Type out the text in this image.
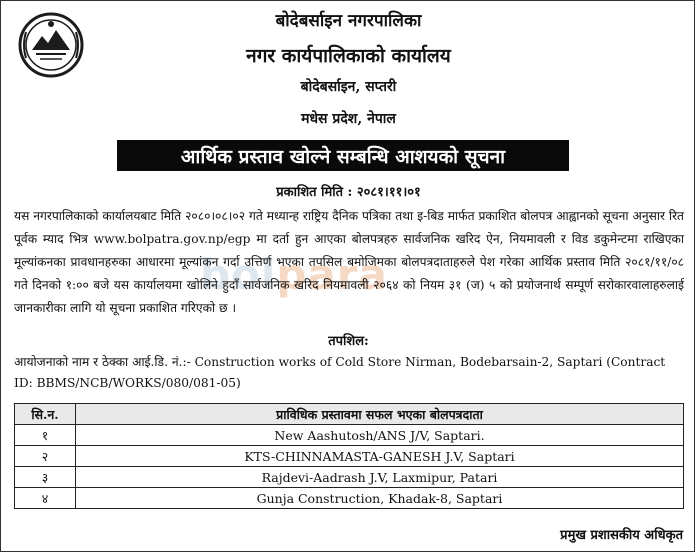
बोदेबर्साइन नगरपालिका
नगर कार्यपालिकाको कार्यालय
बोदेबर्साइन, सप्तरी
मधेस प्रदेश, नेपाल
आर्थिक प्रस्ताव खोल्ने सम्बन्धि आशयको सूचना
प्रकाशित मिति : २०८१।११।०१
bolpara

यस नगरपालिकाको कार्यालयबाट मिति २०८०।०८।०२ गते मध्यान्ह राष्ट्रिय दैनिक पत्रिका तथा इ-बिड मार्फत प्रकाशित बोलपत्र आह्वानको सूचना अनुसार रित पूर्वक म्याद भित्र www.bolpatra.gov.np/egp मा दर्ता हुन आएका बोलपत्रहरु सार्वजनिक खरिद ऐन, नियमावली र विड डकुमेन्टमा राखिएका मूल्यांकनका प्रावधानहरुका आधारमा मूल्यांकन गर्दा उत्तिर्ण भएका तपसिल बमोजिमका बोलपत्रदाताहरुले पेश गरेका आर्थिक प्रस्ताव मिति २०८१/११/०८ गते दिनको १:०० बजे यस कार्यालयमा खोलिने हुदाँ सार्वजनिक खरिद नियमावली २०६४ को नियम ३१ (ज) ५ को प्रयोजनार्थ सम्पूर्ण सरोकारवालाहरुलाई जानकारीका लागि यो सूचना प्रकाशित गरिएको छ ।

तपशिल:

आयोजनाको नाम र ठेक्का आई.डि. नं.:- Construction works of Cold Store Nirman, Bodebarsain-2, Saptari (Contract ID: BBMS/NCB/WORKS/080/081-05)

सि.न.	प्राविधिक प्रस्तावमा सफल भएका बोलपत्रदाता
१	New Aashutosh/ANS J/V, Saptari.
२	KTS-CHINNAMASTA-GANESH J.V, Saptari
३	Rajdevi-Aadrash J.V, Laxmipur, Patari
४	Gunja Construction, Khadak-8, Saptari
प्रमुख प्रशासकीय अधिकृत
